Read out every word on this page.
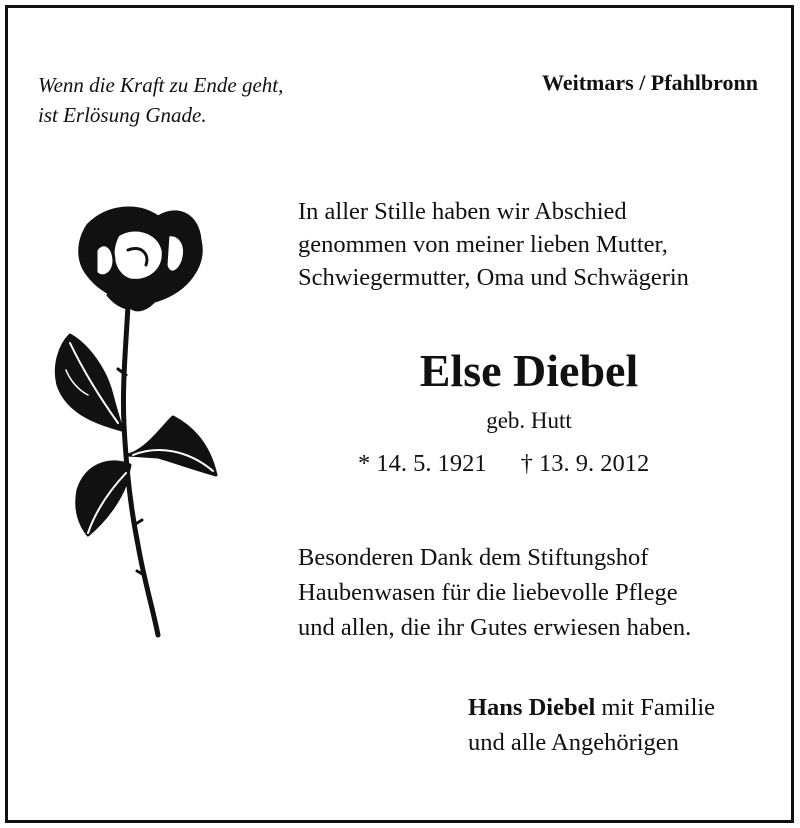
Wenn die Kraft zu Ende geht,
ist Erlösung Gnade.
Weitmars / Pfahlbronn
In aller Stille haben wir Abschied
genommen von meiner lieben Mutter,
Schwiegermutter, Oma und Schwägerin
Else Diebel
geb. Hutt
* 14. 5. 1921 † 13. 9. 2012
Besonderen Dank dem Stiftungshof
Haubenwasen für die liebevolle Pflege
und allen, die ihr Gutes erwiesen haben.
Hans Diebel mit Familie
und alle Angehörigen
